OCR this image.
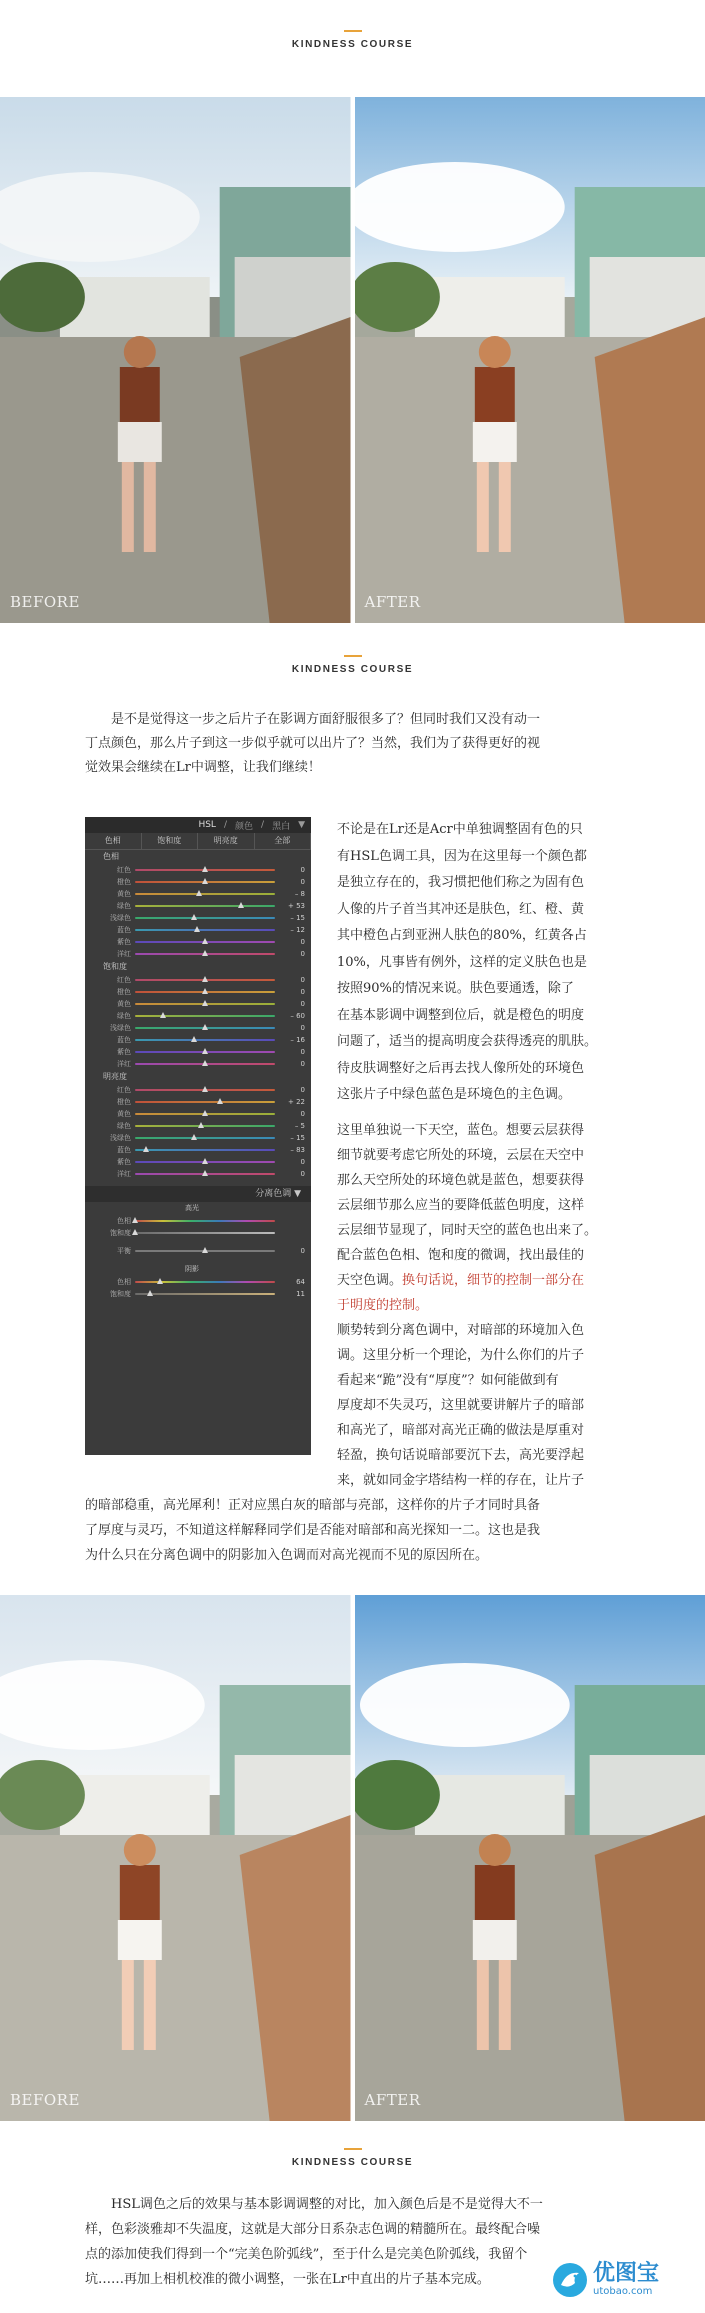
KINDNESS COURSE
BEFORE	AFTER
KINDNESS COURSE
是不是觉得这一步之后片子在影调方面舒服很多了？但同时我们又没有动一
丁点颜色，那么片子到这一步似乎就可以出片了？当然，我们为了获得更好的视
觉效果会继续在Lr中调整，让我们继续！
HSL / 颜色 / 黑白 ▼
色相	饱和度	明亮度	全部
色相
红色	0
橙色	0
黄色	– 8
绿色	+ 53
浅绿色	– 15
蓝色	– 12
紫色	0
洋红	0
饱和度
红色	0
橙色	0
黄色	0
绿色	– 60
浅绿色	0
蓝色	– 16
紫色	0
洋红	0
明亮度
红色	0
橙色	+ 22
黄色	0
绿色	– 5
浅绿色	– 15
蓝色	– 83
紫色	0
洋红	0
分离色调 ▼
高光
色相
饱和度
平衡	0
阴影
色相	64
饱和度	11
不论是在Lr还是Acr中单独调整固有色的只
有HSL色调工具，因为在这里每一个颜色都
是独立存在的，我习惯把他们称之为固有色
人像的片子首当其冲还是肤色，红、橙、黄
其中橙色占到亚洲人肤色的80%，红黄各占
10%，凡事皆有例外，这样的定义肤色也是
按照90%的情况来说。肤色要通透，除了
在基本影调中调整到位后，就是橙色的明度
问题了，适当的提高明度会获得透亮的肌肤。
待皮肤调整好之后再去找人像所处的环境色
这张片子中绿色蓝色是环境色的主色调。
这里单独说一下天空，蓝色。想要云层获得
细节就要考虑它所处的环境，云层在天空中
那么天空所处的环境色就是蓝色，想要获得
云层细节那么应当的要降低蓝色明度，这样
云层细节显现了，同时天空的蓝色也出来了。
配合蓝色色相、饱和度的微调，找出最佳的
天空色调。换句话说，细节的控制一部分在
于明度的控制。
顺势转到分离色调中，对暗部的环境加入色
调。这里分析一个理论，为什么你们的片子
看起来“跪”没有“厚度”？如何能做到有
厚度却不失灵巧，这里就要讲解片子的暗部
和高光了，暗部对高光正确的做法是厚重对
轻盈，换句话说暗部要沉下去，高光要浮起
来，就如同金字塔结构一样的存在，让片子
的暗部稳重，高光犀利！正对应黑白灰的暗部与亮部，这样你的片子才同时具备
了厚度与灵巧，不知道这样解释同学们是否能对暗部和高光探知一二。这也是我
为什么只在分离色调中的阴影加入色调而对高光视而不见的原因所在。
BEFORE	AFTER
KINDNESS COURSE
HSL调色之后的效果与基本影调调整的对比，加入颜色后是不是觉得大不一
样，色彩淡雅却不失温度，这就是大部分日系杂志色调的精髓所在。最终配合噪
点的添加使我们得到一个“完美色阶弧线”，至于什么是完美色阶弧线，我留个
坑……再加上相机校准的微小调整，一张在Lr中直出的片子基本完成。	优图宝
utobao.com
